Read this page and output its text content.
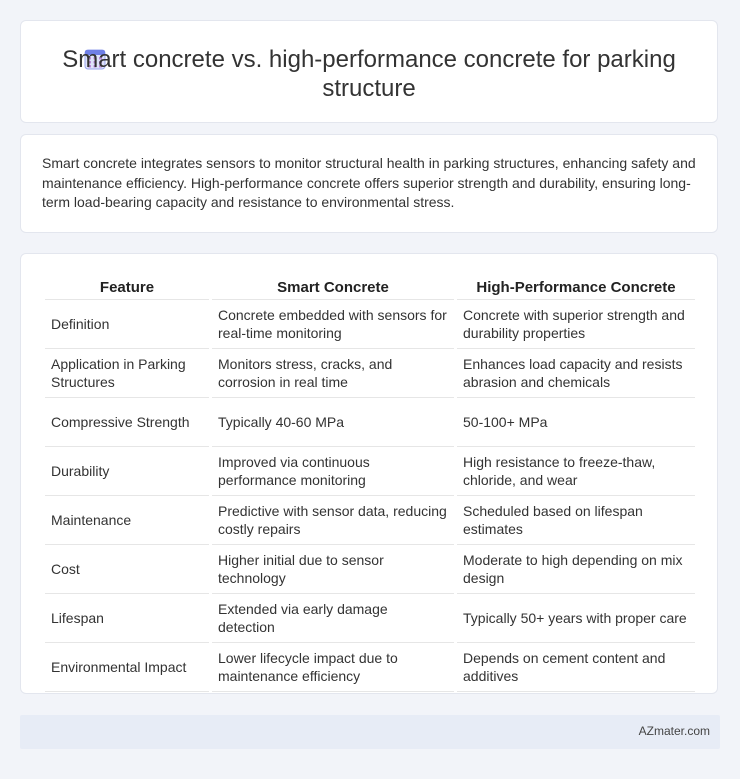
Smart concrete vs. high-performance concrete for parking structure
Smart concrete integrates sensors to monitor structural health in parking structures, enhancing safety and maintenance efficiency. High-performance concrete offers superior strength and durability, ensuring long-term load-bearing capacity and resistance to environmental stress.
Feature	Smart Concrete	High-Performance Concrete
Definition	Concrete embedded with sensors for real-time monitoring	Concrete with superior strength and durability properties
Application in Parking Structures	Monitors stress, cracks, and corrosion in real time	Enhances load capacity and resists abrasion and chemicals
Compressive Strength	Typically 40-60 MPa	50-100+ MPa
Durability	Improved via continuous performance monitoring	High resistance to freeze-thaw, chloride, and wear
Maintenance	Predictive with sensor data, reducing costly repairs	Scheduled based on lifespan estimates
Cost	Higher initial due to sensor technology	Moderate to high depending on mix design
Lifespan	Extended via early damage detection	Typically 50+ years with proper care
Environmental Impact	Lower lifecycle impact due to maintenance efficiency	Depends on cement content and additives
AZmater.com
